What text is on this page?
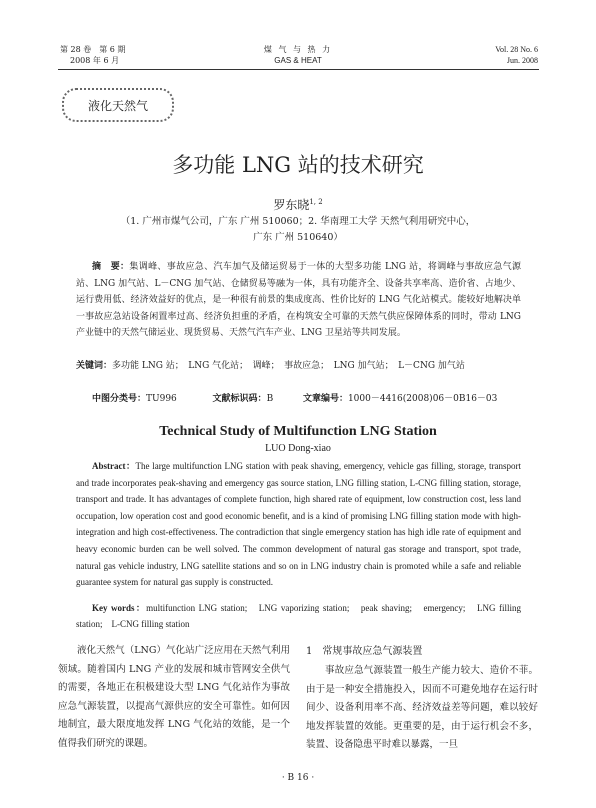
第 28 卷　第 6 期
2008 年 6 月
煤 气 与 热 力
GAS & HEAT
Vol. 28 No. 6
Jun. 2008
液化天然气
多功能 LNG 站的技术研究
罗东晓$^{1, 2}$
（1. 广州市煤气公司，广东 广州 510060；2. 华南理工大学 天然气利用研究中心，
广东 广州 510640）
摘　要：集调峰、事故应急、汽车加气及储运贸易于一体的大型多功能 LNG 站，将调峰与事故应急气源站、LNG 加气站、L－CNG 加气站、仓储贸易等融为一体，具有功能齐全、设备共享率高、造价省、占地少、运行费用低、经济效益好的优点，是一种很有前景的集成度高、性价比好的 LNG 气化站模式。能较好地解决单一事故应急站设备闲置率过高、经济负担重的矛盾，在构筑安全可靠的天然气供应保障体系的同时，带动 LNG 产业链中的天然气储运业、现货贸易、天然气汽车产业、LNG 卫星站等共同发展。
关键词：多功能 LNG 站；　LNG 气化站；　调峰；　事故应急；　LNG 加气站；　L－CNG 加气站
中图分类号：TU996	文献标识码：B	文章编号：1000－4416(2008)06－0B16－03
Technical Study of Multifunction LNG Station
LUO Dong-xiao
Abstract：The large multifunction LNG station with peak shaving, emergency, vehicle gas filling, storage, transport and trade incorporates peak-shaving and emergency gas source station, LNG filling station, L-CNG filling station, storage, transport and trade. It has advantages of complete function, high shared rate of equipment, low construction cost, less land occupation, low operation cost and good economic benefit, and is a kind of promising LNG filling station mode with high-integration and high cost-effectiveness. The contradiction that single emergency station has high idle rate of equipment and heavy economic burden can be well solved. The common development of natural gas storage and transport, spot trade, natural gas vehicle industry, LNG satellite stations and so on in LNG industry chain is promoted while a safe and reliable guarantee system for natural gas supply is constructed.
Key words：multifunction LNG station;　LNG vaporizing station;　peak shaving;　emergency;　LNG filling station;　L-CNG filling station
液化天然气（LNG）气化站广泛应用在天然气利用领域。随着国内 LNG 产业的发展和城市管网安全供气的需要，各地正在积极建设大型 LNG 气化站作为事故应急气源装置，以提高气源供应的安全可靠性。如何因地制宜，最大限度地发挥 LNG 气化站的效能，是一个值得我们研究的课题。
1　常规事故应急气源装置
事故应急气源装置一般生产能力较大、造价不菲。由于是一种安全措施投入，因而不可避免地存在运行时间少、设备利用率不高、经济效益差等问题，难以较好地发挥装置的效能。更重要的是，由于运行机会不多，装置、设备隐患平时难以暴露，一旦
· B 16 ·
